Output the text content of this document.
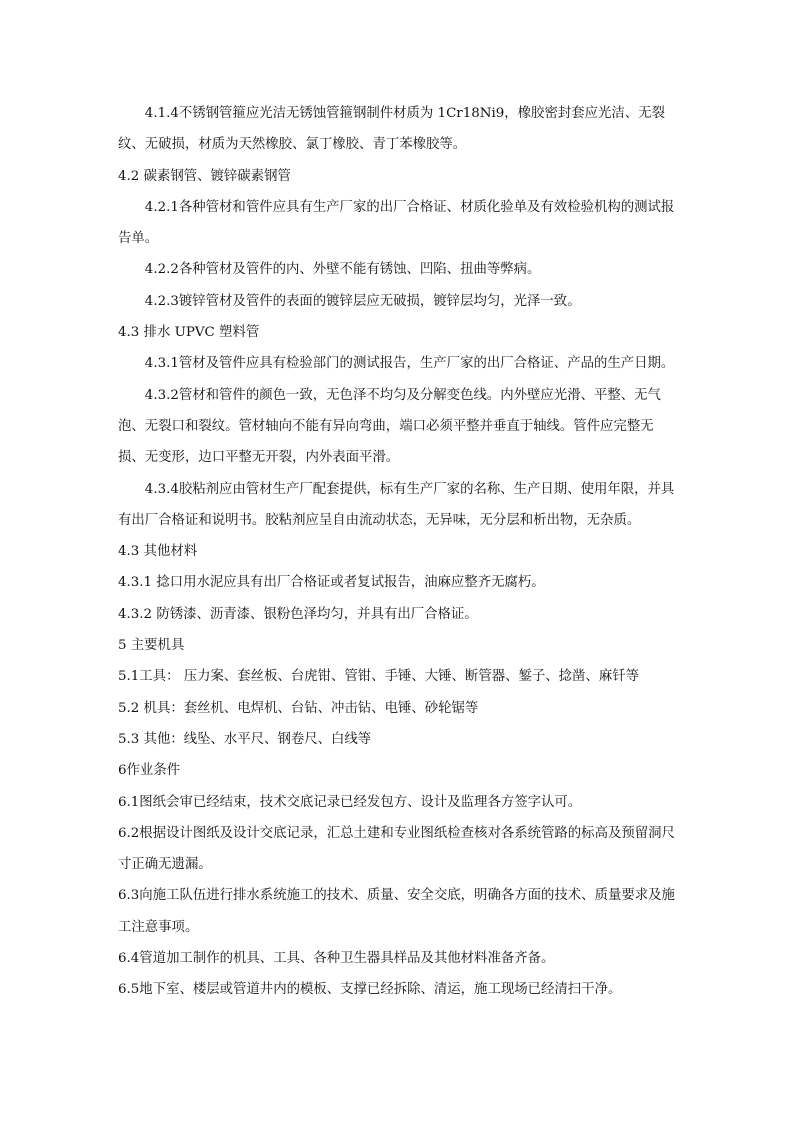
4.1.4不锈钢管箍应光洁无锈蚀管箍钢制件材质为 1Cr18Ni9，橡胶密封套应光洁、无裂纹、无破损，材质为天然橡胶、氯丁橡胶、青丁苯橡胶等。

4.2 碳素钢管、镀锌碳素钢管

4.2.1各种管材和管件应具有生产厂家的出厂合格证、材质化验单及有效检验机构的测试报告单。

4.2.2各种管材及管件的内、外壁不能有锈蚀、凹陷、扭曲等弊病。

4.2.3镀锌管材及管件的表面的镀锌层应无破损，镀锌层均匀，光泽一致。

4.3 排水 UPVC 塑料管

4.3.1管材及管件应具有检验部门的测试报告，生产厂家的出厂合格证、产品的生产日期。

4.3.2管材和管件的颜色一致，无色泽不均匀及分解变色线。内外壁应光滑、平整、无气泡、无裂口和裂纹。管材轴向不能有异向弯曲，端口必须平整并垂直于轴线。管件应完整无损、无变形，边口平整无开裂，内外表面平滑。

4.3.4胶粘剂应由管材生产厂配套提供，标有生产厂家的名称、生产日期、使用年限，并具有出厂合格证和说明书。胶粘剂应呈自由流动状态，无异味，无分层和析出物，无杂质。

4.3 其他材料

4.3.1 捻口用水泥应具有出厂合格证或者复试报告，油麻应整齐无腐朽。

4.3.2 防锈漆、沥青漆、银粉色泽均匀，并具有出厂合格证。

5 主要机具

5.1工具： 压力案、套丝板、台虎钳、管钳、手锤、大锤、断管器、錾子、捻凿、麻钎等

5.2 机具：套丝机、电焊机、台钻、冲击钻、电锤、砂轮锯等

5.3 其他：线坠、水平尺、钢卷尺、白线等

6作业条件

6.1图纸会审已经结束，技术交底记录已经发包方、设计及监理各方签字认可。

6.2根据设计图纸及设计交底记录，汇总土建和专业图纸检查核对各系统管路的标高及预留洞尺寸正确无遗漏。

6.3向施工队伍进行排水系统施工的技术、质量、安全交底，明确各方面的技术、质量要求及施工注意事项。

6.4管道加工制作的机具、工具、各种卫生器具样品及其他材料准备齐备。

6.5地下室、楼层或管道井内的模板、支撑已经拆除、清运，施工现场已经清扫干净。
